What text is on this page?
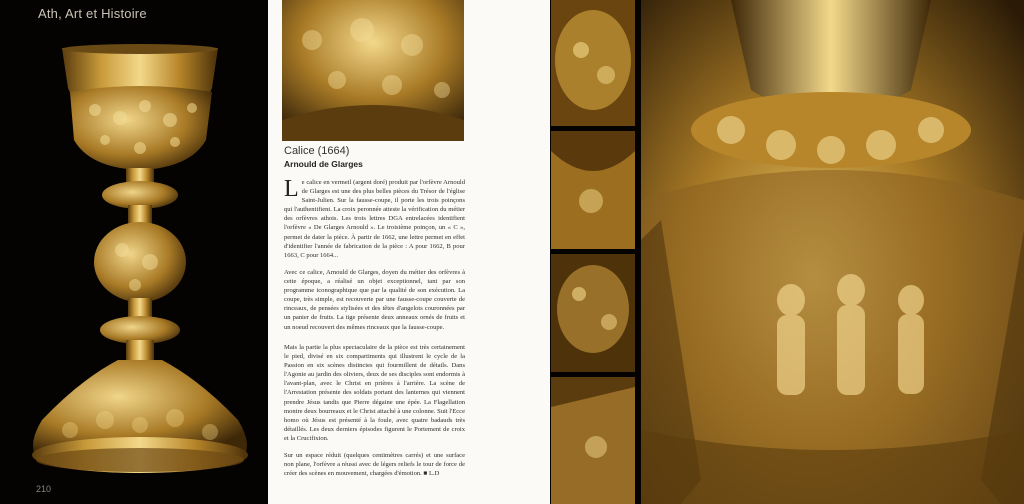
Ath, Art et Histoire
210
Calice (1664)
Arnould de Glarges

Le calice en vermeil (argent doré) produit par l'orfèvre Arnould de Glarges est une des plus belles pièces du Trésor de l'église Saint-Julien. Sur la fausse-coupe, il porte les trois poinçons qui l'authentifient. La croix peronnée atteste la vérification du métier des orfèvres athois. Les trois lettres DGA entrelacées identifient l'orfèvre « De Glarges Arnould ». Le troisième poinçon, un « C », permet de dater la pièce. À partir de 1662, une lettre permet en effet d'identifier l'année de fabrication de la pièce : A pour 1662, B pour 1663, C pour 1664...

Avec ce calice, Arnould de Glarges, doyen du métier des orfèvres à cette époque, a réalisé un objet exceptionnel, tant par son programme iconographique que par la qualité de son exécution. La coupe, très simple, est recouverte par une fausse-coupe couverte de rinceaux, de pensées stylisées et des têtes d'angelots couronnées par un panier de fruits. La tige présente deux anneaux ornés de fruits et un noeud recouvert des mêmes rinceaux que la fausse-coupe.

Mais la partie la plus spectaculaire de la pièce est très certainement le pied, divisé en six compartiments qui illustrent le cycle de la Passion en six scènes distinctes qui fourmillent de détails. Dans l'Agonie au jardin des oliviers, deux de ses disciples sont endormis à l'avant-plan, avec le Christ en prières à l'arrière. La scène de l'Arrestation présente des soldats portant des lanternes qui viennent prendre Jésus tandis que Pierre dégaine une épée. La Flagellation montre deux bourreaux et le Christ attaché à une colonne. Suit l'Ecce homo où Jésus est présenté à la foule, avec quatre badauds très détaillés. Les deux derniers épisodes figurent le Portement de croix et la Crucifixion.

Sur un espace réduit (quelques centimètres carrés) et une surface non plane, l'orfèvre a réussi avec de légers reliefs le tour de force de créer des scènes en mouvement, chargées d'émotion. ■ L.D
